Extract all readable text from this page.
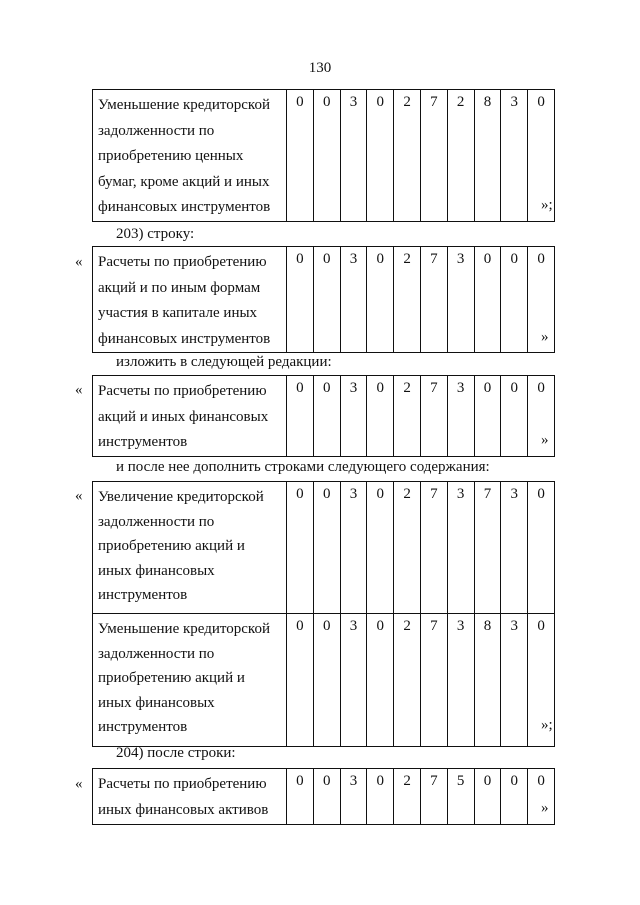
130
Уменьшение кредиторской
задолженности по
приобретению ценных
бумаг, кроме акций и иных
финансовых инструментов	0	0	3	0	2	7	2	8	3	0
»;
203) строку:
« Расчеты по приобретению
акций и по иным формам
участия в капитале иных
финансовых инструментов	0	0	3	0	2	7	3	0	0	0
»
изложить в следующей редакции:
« Расчеты по приобретению
акций и иных финансовых
инструментов	0	0	3	0	2	7	3	0	0	0
»
и после нее дополнить строками следующего содержания:
« Увеличение кредиторской
задолженности по
приобретению акций и
иных финансовых
инструментов	0	0	3	0	2	7	3	7	3	0
Уменьшение кредиторской
задолженности по
приобретению акций и
иных финансовых
инструментов	0	0	3	0	2	7	3	8	3	0
»;
204) после строки:
« Расчеты по приобретению
иных финансовых активов	0	0	3	0	2	7	5	0	0	0
»
